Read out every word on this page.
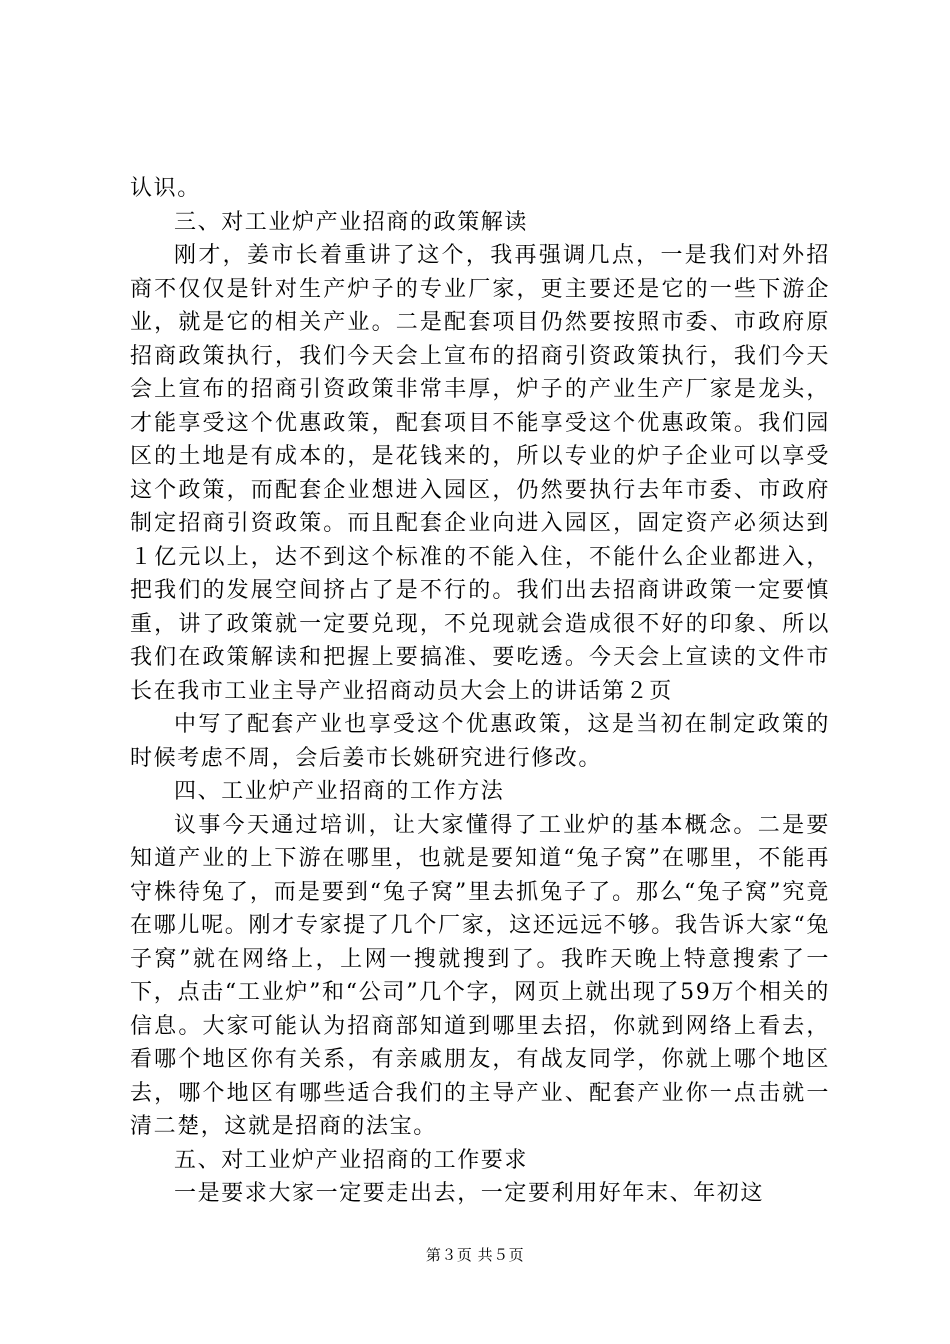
认识。

三、对工业炉产业招商的政策解读

刚才，姜市长着重讲了这个，我再强调几点，一是我们对外招商不仅仅是针对生产炉子的专业厂家，更主要还是它的一些下游企业，就是它的相关产业。二是配套项目仍然要按照市委、市政府原招商政策执行，我们今天会上宣布的招商引资政策执行，我们今天会上宣布的招商引资政策非常丰厚，炉子的产业生产厂家是龙头，才能享受这个优惠政策，配套项目不能享受这个优惠政策。我们园区的土地是有成本的，是花钱来的，所以专业的炉子企业可以享受这个政策，而配套企业想进入园区，仍然要执行去年市委、市政府制定招商引资政策。而且配套企业向进入园区，固定资产必须达到１亿元以上，达不到这个标准的不能入住，不能什么企业都进入，把我们的发展空间挤占了是不行的。我们出去招商讲政策一定要慎重，讲了政策就一定要兑现，不兑现就会造成很不好的印象、所以我们在政策解读和把握上要搞准、要吃透。今天会上宣读的文件市长在我市工业主导产业招商动员大会上的讲话第２页

中写了配套产业也享受这个优惠政策，这是当初在制定政策的时候考虑不周，会后姜市长姚研究进行修改。

四、工业炉产业招商的工作方法

议事今天通过培训，让大家懂得了工业炉的基本概念。二是要知道产业的上下游在哪里，也就是要知道“兔子窝”在哪里，不能再守株待兔了，而是要到“兔子窝”里去抓兔子了。那么“兔子窝”究竟在哪儿呢。刚才专家提了几个厂家，这还远远不够。我告诉大家“兔子窝”就在网络上，上网一搜就搜到了。我昨天晚上特意搜索了一下，点击“工业炉”和“公司”几个字，网页上就出现了59万个相关的信息。大家可能认为招商部知道到哪里去招，你就到网络上看去，看哪个地区你有关系，有亲戚朋友，有战友同学，你就上哪个地区去，哪个地区有哪些适合我们的主导产业、配套产业你一点击就一清二楚，这就是招商的法宝。

五、对工业炉产业招商的工作要求

一是要求大家一定要走出去，一定要利用好年末、年初这

第３页 共５页
